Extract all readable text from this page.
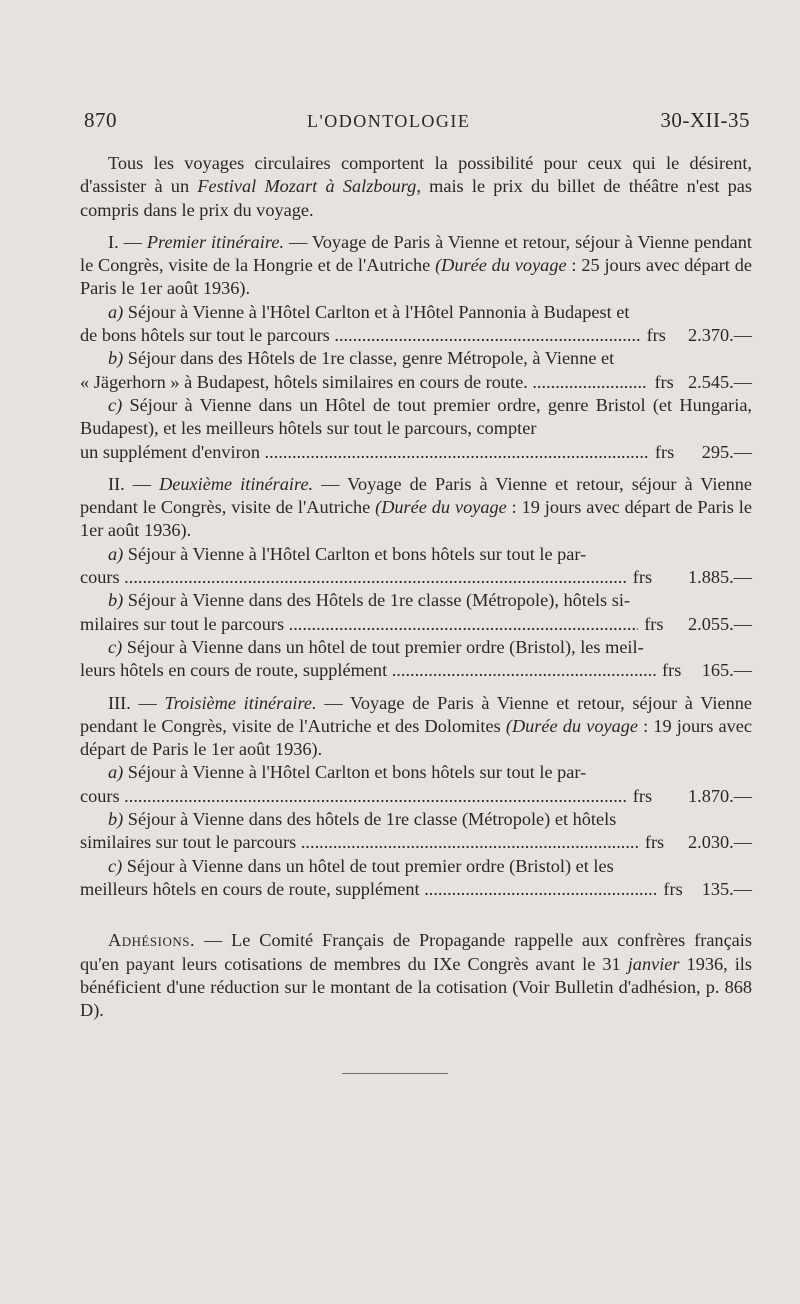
870	L'ODONTOLOGIE	30-XII-35

Tous les voyages circulaires comportent la possibilité pour ceux qui le désirent, d'assister à un Festival Mozart à Salzbourg, mais le prix du billet de théâtre n'est pas compris dans le prix du voyage.

I. — Premier itinéraire. — Voyage de Paris à Vienne et retour, séjour à Vienne pendant le Congrès, visite de la Hongrie et de l'Autriche (Durée du voyage : 25 jours avec départ de Paris le 1er août 1936).

a) Séjour à Vienne à l'Hôtel Carlton et à l'Hôtel Pannonia à Budapest et
de bons hôtels sur tout le parcours .....	frs	2.370.—
b) Séjour dans des Hôtels de 1re classe, genre Métropole, à Vienne et
« Jägerhorn » à Budapest, hôtels similaires en cours de route. .....	frs 2.545.—
c) Séjour à Vienne dans un Hôtel de tout premier ordre, genre Bristol (et Hungaria, Budapest), et les meilleurs hôtels sur tout le parcours, compter
un supplément d'environ .....	frs	295.—

II. — Deuxième itinéraire. — Voyage de Paris à Vienne et retour, séjour à Vienne pendant le Congrès, visite de l'Autriche (Durée du voyage : 19 jours avec départ de Paris le 1er août 1936).

a) Séjour à Vienne à l'Hôtel Carlton et bons hôtels sur tout le par-
cours .....	frs	1.885.—
b) Séjour à Vienne dans des Hôtels de 1re classe (Métropole), hôtels si-
milaires sur tout le parcours .....	frs	2.055.—
c) Séjour à Vienne dans un hôtel de tout premier ordre (Bristol), les meil-
leurs hôtels en cours de route, supplément .....	frs	165.—

III. — Troisième itinéraire. — Voyage de Paris à Vienne et retour, séjour à Vienne pendant le Congrès, visite de l'Autriche et des Dolomites (Durée du voyage : 19 jours avec départ de Paris le 1er août 1936).

a) Séjour à Vienne à l'Hôtel Carlton et bons hôtels sur tout le par-
cours .....	frs	1.870.—
b) Séjour à Vienne dans des hôtels de 1re classe (Métropole) et hôtels
similaires sur tout le parcours .....	frs	2.030.—
c) Séjour à Vienne dans un hôtel de tout premier ordre (Bristol) et les
meilleurs hôtels en cours de route, supplément .....	frs	135.—

Adhésions. — Le Comité Français de Propagande rappelle aux confrères français qu'en payant leurs cotisations de membres du IXe Congrès avant le 31 janvier 1936, ils bénéficient d'une réduction sur le montant de la cotisation (Voir Bulletin d'adhésion, p. 868 D).
